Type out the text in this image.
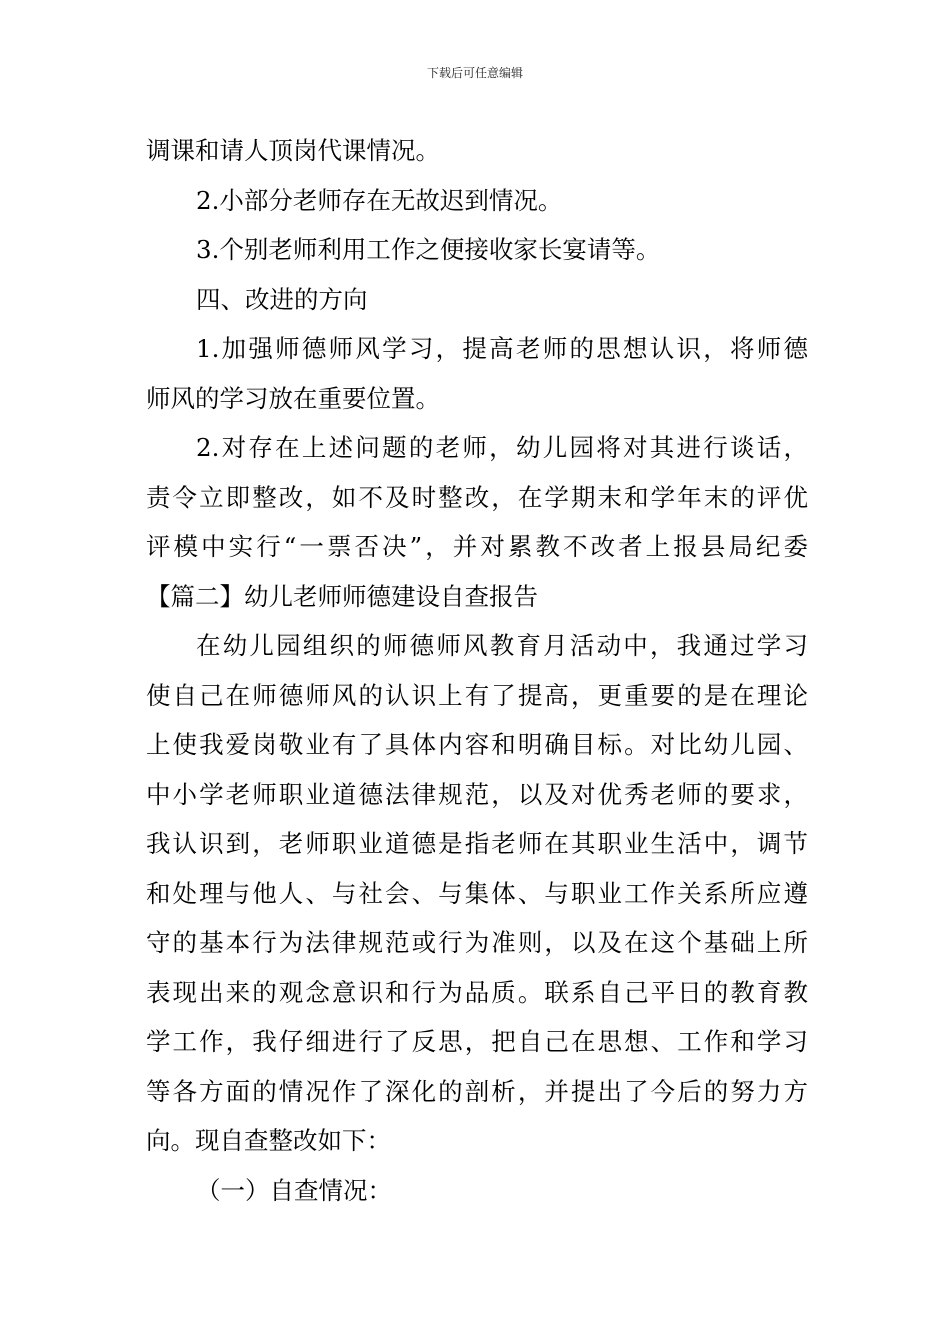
下载后可任意编辑
调课和请人顶岗代课情况。
2.小部分老师存在无故迟到情况。
3.个别老师利用工作之便接收家长宴请等。
四、改进的方向
1.加强师德师风学习，提高老师的思想认识，将师德
师风的学习放在重要位置。
2.对存在上述问题的老师，幼儿园将对其进行谈话，
责令立即整改，如不及时整改，在学期末和学年末的评优
评模中实行“一票否决”，并对累教不改者上报县局纪委
【篇二】幼儿老师师德建设自查报告
在幼儿园组织的师德师风教育月活动中，我通过学习
使自己在师德师风的认识上有了提高，更重要的是在理论
上使我爱岗敬业有了具体内容和明确目标。对比幼儿园、
中小学老师职业道德法律规范，以及对优秀老师的要求，
我认识到，老师职业道德是指老师在其职业生活中，调节
和处理与他人、与社会、与集体、与职业工作关系所应遵
守的基本行为法律规范或行为准则，以及在这个基础上所
表现出来的观念意识和行为品质。联系自己平日的教育教
学工作，我仔细进行了反思，把自己在思想、工作和学习
等各方面的情况作了深化的剖析，并提出了今后的努力方
向。现自查整改如下：
（一）自查情况：
